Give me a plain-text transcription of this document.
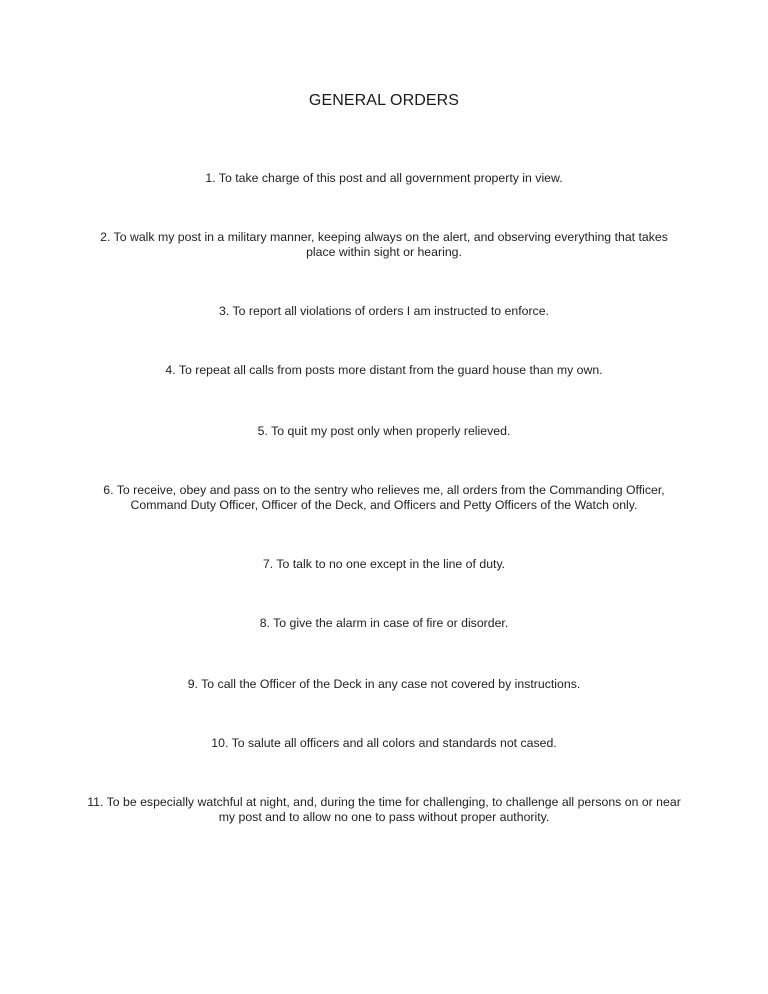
GENERAL ORDERS
1. To take charge of this post and all government property in view.
2. To walk my post in a military manner, keeping always on the alert, and observing everything that takes place within sight or hearing.
3. To report all violations of orders I am instructed to enforce.
4. To repeat all calls from posts more distant from the guard house than my own.
5. To quit my post only when properly relieved.
6. To receive, obey and pass on to the sentry who relieves me, all orders from the Commanding Officer, Command Duty Officer, Officer of the Deck, and Officers and Petty Officers of the Watch only.
7. To talk to no one except in the line of duty.
8. To give the alarm in case of fire or disorder.
9. To call the Officer of the Deck in any case not covered by instructions.
10. To salute all officers and all colors and standards not cased.
11. To be especially watchful at night, and, during the time for challenging, to challenge all persons on or near my post and to allow no one to pass without proper authority.
